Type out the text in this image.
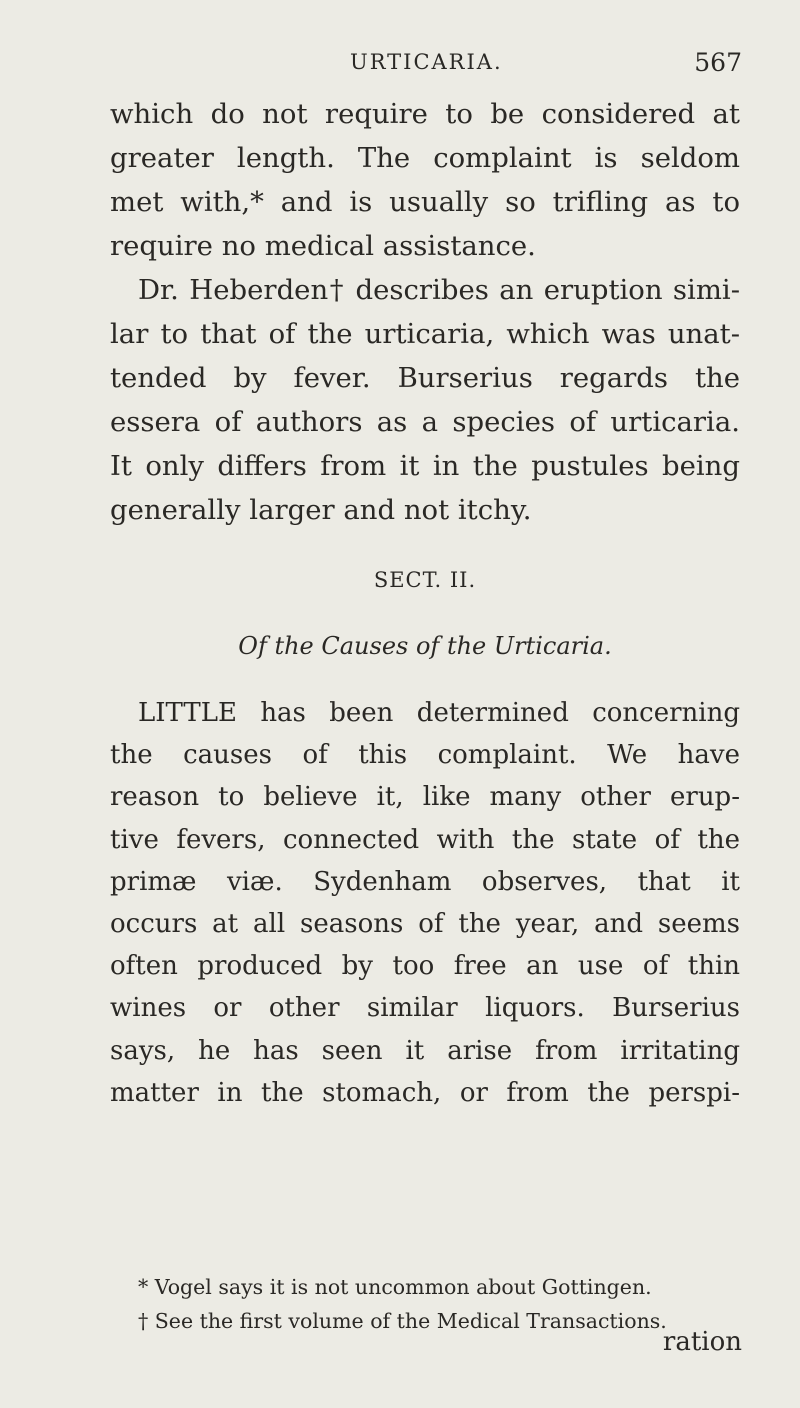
URTICARIA.	567
which do not require to be considered at
greater length. The complaint is seldom
met with,* and is usually so trifling as to
require no medical assistance.
Dr. Heberden† describes an eruption simi-
lar to that of the urticaria, which was unat-
tended by fever. Burserius regards the
essera of authors as a species of urticaria.
It only differs from it in the pustules being
generally larger and not itchy.
SECT. II.
Of the Causes of the Urticaria.
LITTLE has been determined concerning
the causes of this complaint. We have
reason to believe it, like many other erup-
tive fevers, connected with the state of the
primæ viæ. Sydenham observes, that it
occurs at all seasons of the year, and seems
often produced by too free an use of thin
wines or other similar liquors. Burserius
says, he has seen it arise from irritating
matter in the stomach, or from the perspi-
* Vogel says it is not uncommon about Gottingen.
† See the first volume of the Medical Transactions.
ration
